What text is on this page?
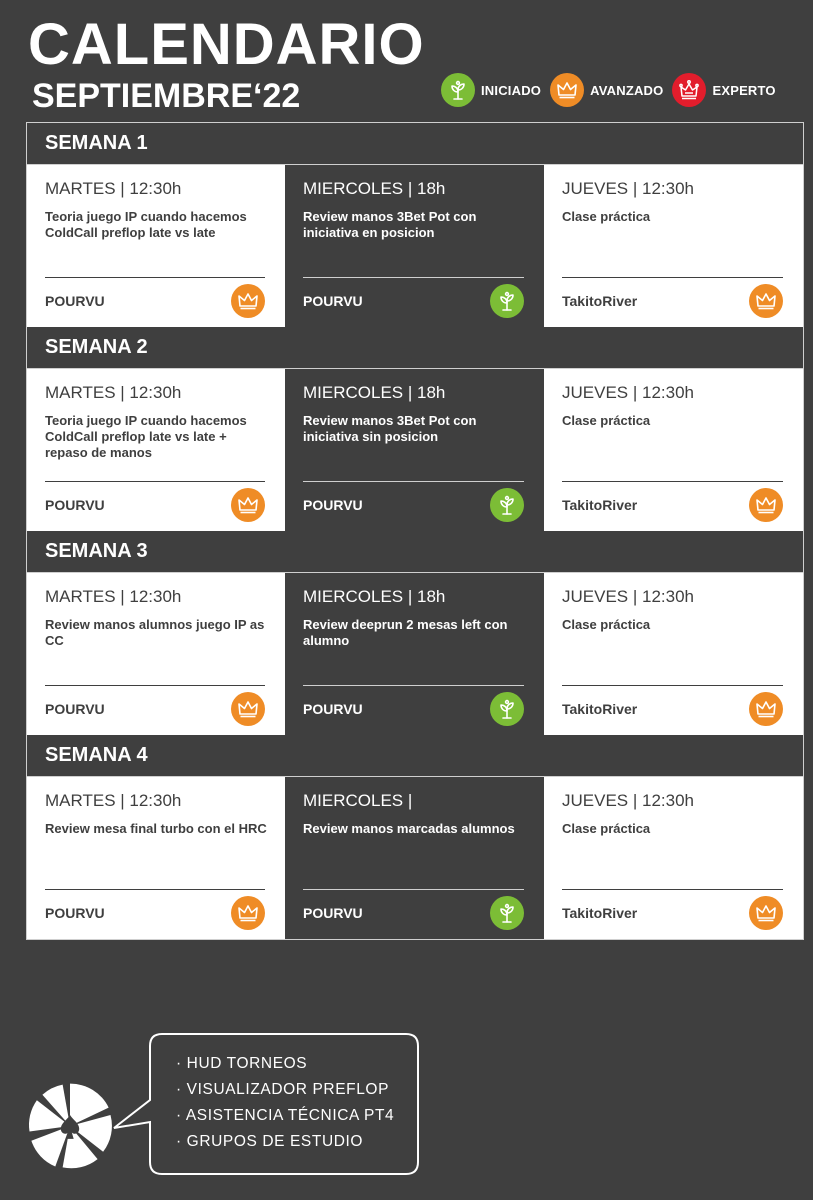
CALENDARIO
SEPTIEMBRE‘22	INICIADO	AVANZADO	EXPERTO
SEMANA 1
MARTES | 12:30h
Teoria juego IP cuando hacemos ColdCall preflop late vs late
POURVU
MIERCOLES | 18h
Review manos 3Bet Pot con iniciativa en posicion
POURVU
JUEVES | 12:30h
Clase práctica
TakitoRiver
SEMANA 2
MARTES | 12:30h
Teoria juego IP cuando hacemos ColdCall preflop late vs late + repaso de manos
POURVU
MIERCOLES | 18h
Review manos 3Bet Pot con iniciativa sin posicion
POURVU
JUEVES | 12:30h
Clase práctica
TakitoRiver
SEMANA 3
MARTES | 12:30h
Review manos alumnos juego IP as CC
POURVU
MIERCOLES | 18h
Review deeprun 2 mesas left con alumno
POURVU
JUEVES | 12:30h
Clase práctica
TakitoRiver
SEMANA 4
MARTES | 12:30h
Review mesa final turbo con el HRC
POURVU
MIERCOLES |
Review manos marcadas alumnos
POURVU
JUEVES | 12:30h
Clase práctica
TakitoRiver
· HUD TORNEOS
· VISUALIZADOR PREFLOP
· ASISTENCIA TÉCNICA PT4
· GRUPOS DE ESTUDIO
